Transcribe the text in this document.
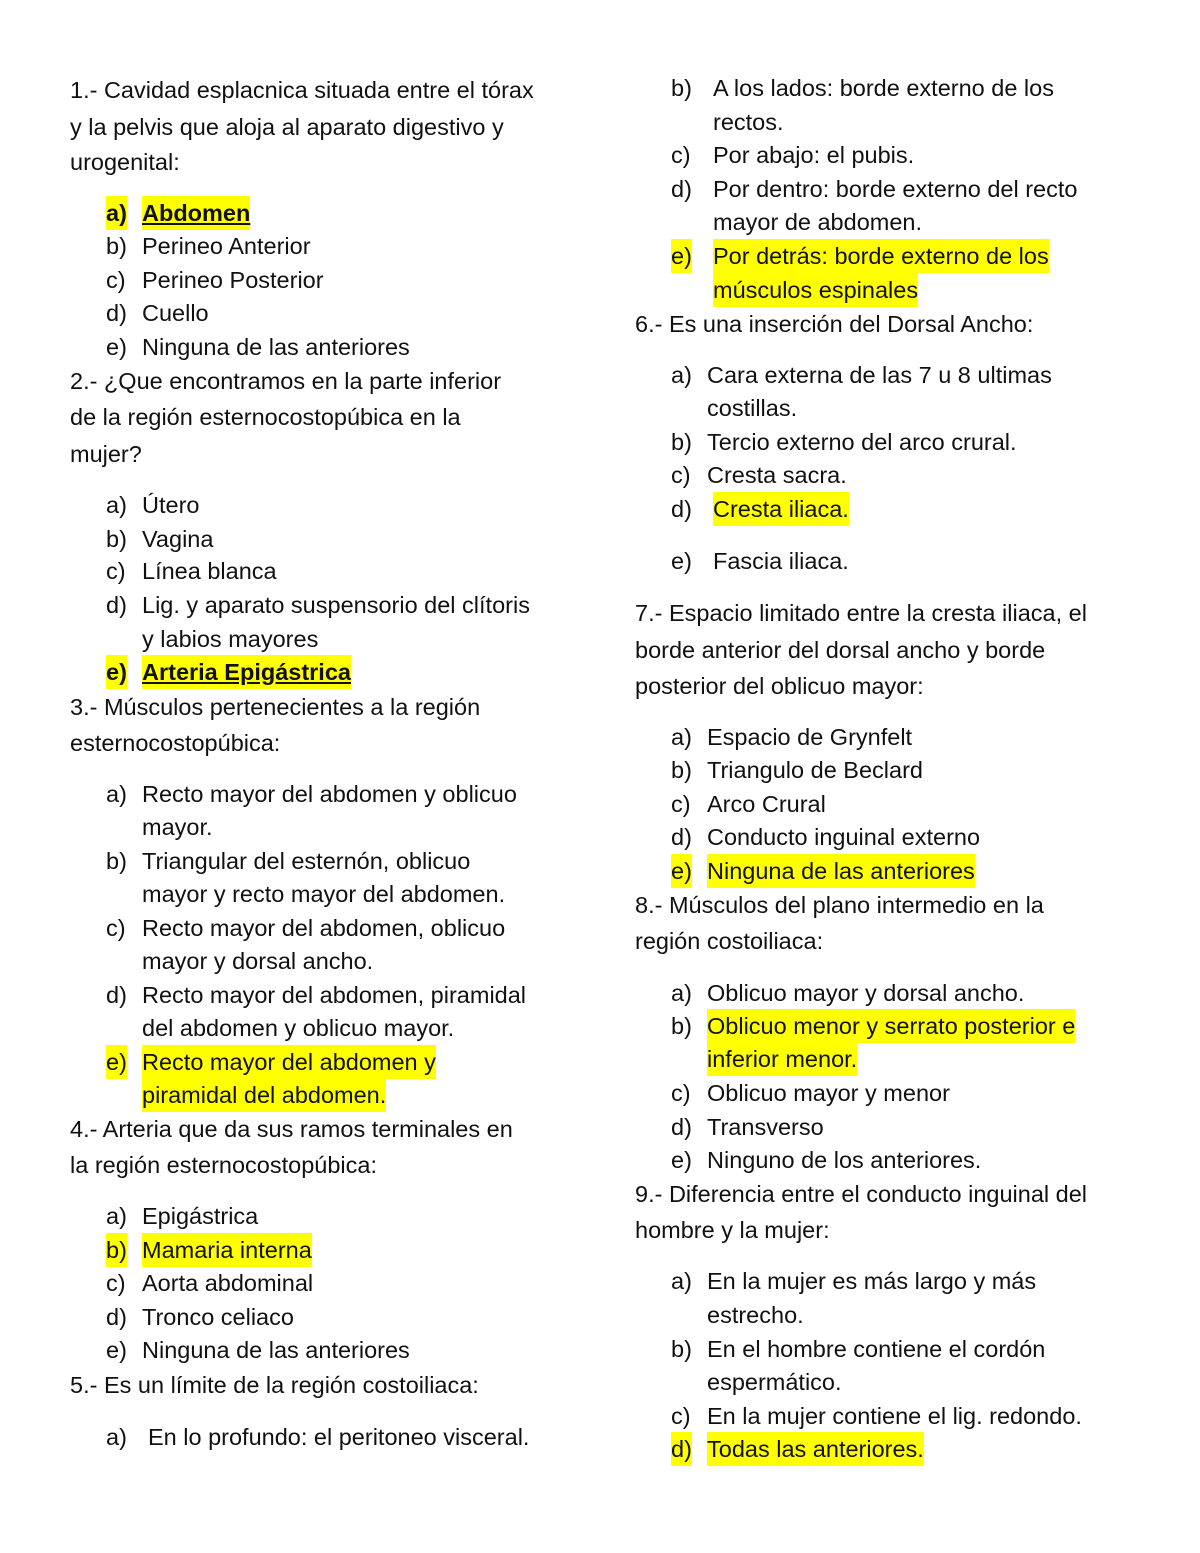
1.- Cavidad esplacnica situada entre el tórax
y la pelvis que aloja al aparato digestivo y
urogenital:
a) Abdomen
b) Perineo Anterior
c) Perineo Posterior
d) Cuello
e) Ninguna de las anteriores
2.- ¿Que encontramos en la parte inferior
de la región esternocostopúbica en la
mujer?
a) Útero
b) Vagina
c) Línea blanca
d) Lig. y aparato suspensorio del clítoris
y labios mayores
e) Arteria Epigástrica
3.- Músculos pertenecientes a la región
esternocostopúbica:
a) Recto mayor del abdomen y oblicuo
mayor.
b) Triangular del esternón, oblicuo
mayor y recto mayor del abdomen.
c) Recto mayor del abdomen, oblicuo
mayor y dorsal ancho.
d) Recto mayor del abdomen, piramidal
del abdomen y oblicuo mayor.
e) Recto mayor del abdomen y
piramidal del abdomen.
4.- Arteria que da sus ramos terminales en
la región esternocostopúbica:
a) Epigástrica
b) Mamaria interna
c) Aorta abdominal
d) Tronco celiaco
e) Ninguna de las anteriores
5.- Es un límite de la región costoiliaca:
a) En lo profundo: el peritoneo visceral.
b) A los lados: borde externo de los
rectos.
c) Por abajo: el pubis.
d) Por dentro: borde externo del recto
mayor de abdomen.
e) Por detrás: borde externo de los
músculos espinales
6.- Es una inserción del Dorsal Ancho:
a) Cara externa de las 7 u 8 ultimas
costillas.
b) Tercio externo del arco crural.
c) Cresta sacra.
d) Cresta iliaca.
e) Fascia iliaca.
7.- Espacio limitado entre la cresta iliaca, el
borde anterior del dorsal ancho y borde
posterior del oblicuo mayor:
a) Espacio de Grynfelt
b) Triangulo de Beclard
c) Arco Crural
d) Conducto inguinal externo
e) Ninguna de las anteriores
8.- Músculos del plano intermedio en la
región costoiliaca:
a) Oblicuo mayor y dorsal ancho.
b) Oblicuo menor y serrato posterior e
inferior menor.
c) Oblicuo mayor y menor
d) Transverso
e) Ninguno de los anteriores.
9.- Diferencia entre el conducto inguinal del
hombre y la mujer:
a) En la mujer es más largo y más
estrecho.
b) En el hombre contiene el cordón
espermático.
c) En la mujer contiene el lig. redondo.
d) Todas las anteriores.
